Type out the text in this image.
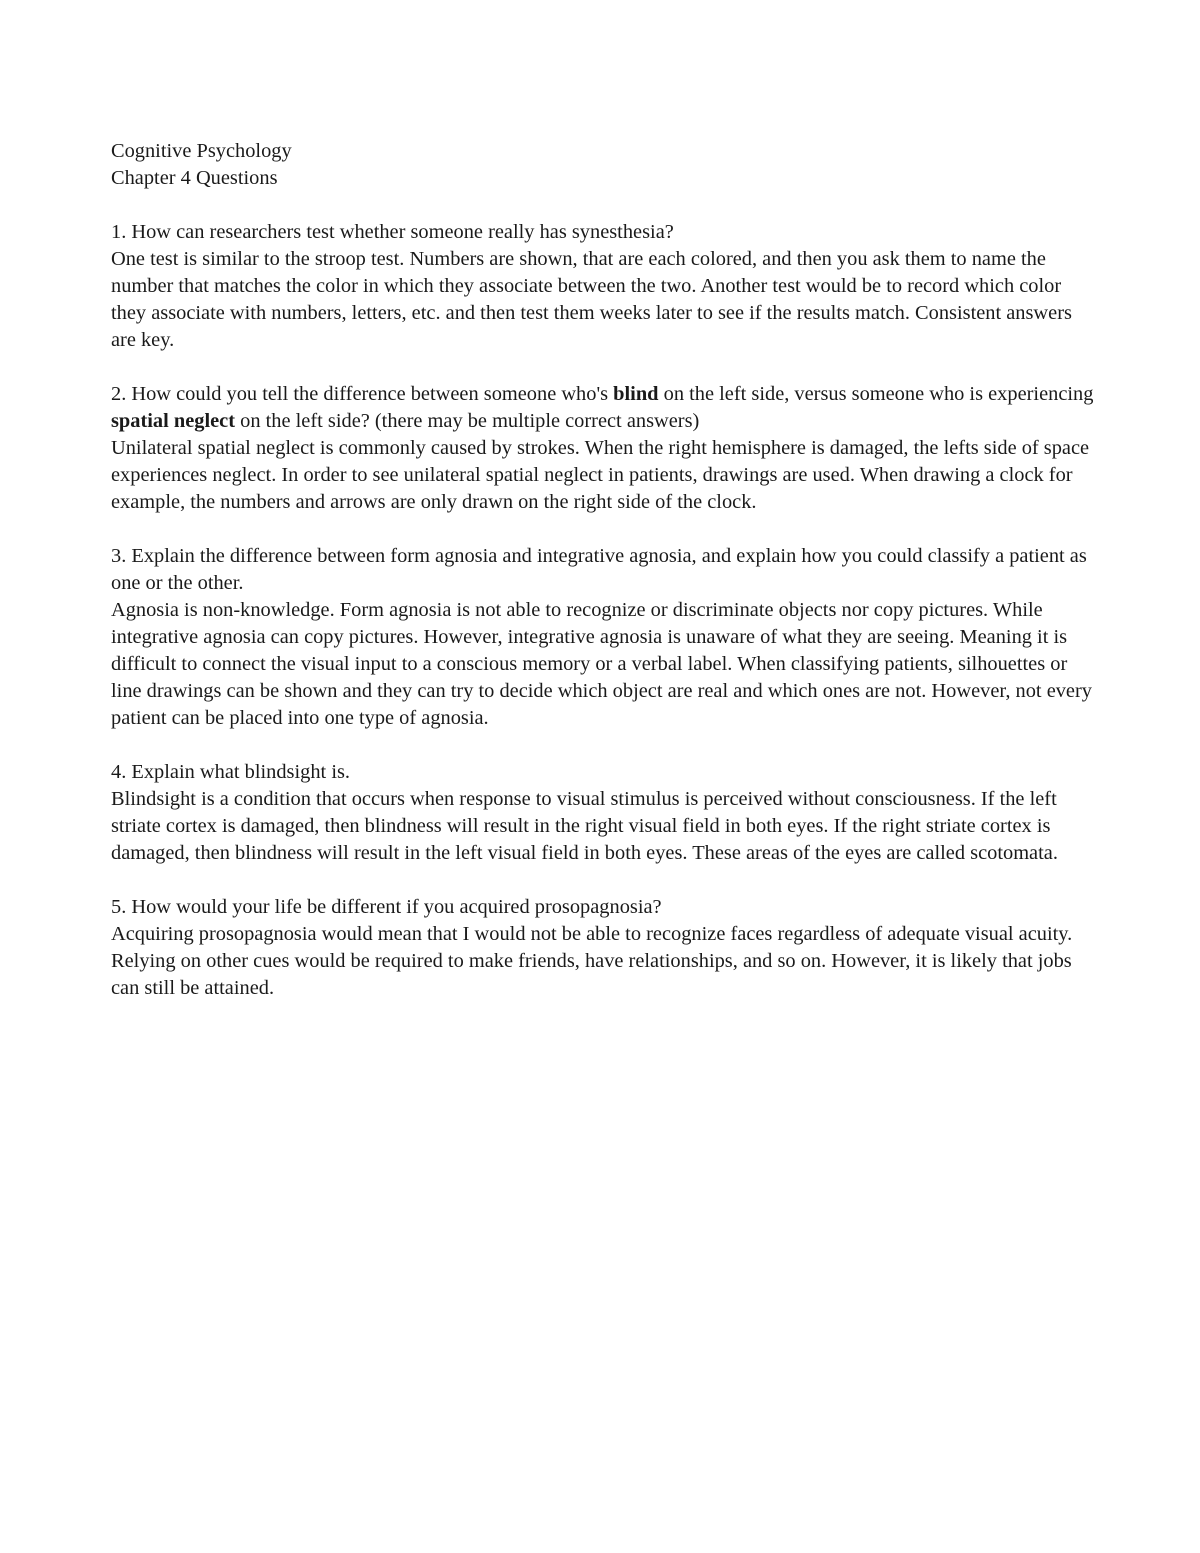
Cognitive Psychology
Chapter 4 Questions
1. How can researchers test whether someone really has synesthesia?
One test is similar to the stroop test. Numbers are shown, that are each colored, and then you ask them to name the number that matches the color in which they associate between the two. Another test would be to record which color they associate with numbers, letters, etc. and then test them weeks later to see if the results match. Consistent answers are key.
2. How could you tell the difference between someone who's blind on the left side, versus someone who is experiencing spatial neglect on the left side? (there may be multiple correct answers)
Unilateral spatial neglect is commonly caused by strokes. When the right hemisphere is damaged, the lefts side of space experiences neglect. In order to see unilateral spatial neglect in patients, drawings are used. When drawing a clock for example, the numbers and arrows are only drawn on the right side of the clock.
3. Explain the difference between form agnosia and integrative agnosia, and explain how you could classify a patient as one or the other.
Agnosia is non-knowledge. Form agnosia is not able to recognize or discriminate objects nor copy pictures. While integrative agnosia can copy pictures. However, integrative agnosia is unaware of what they are seeing. Meaning it is difficult to connect the visual input to a conscious memory or a verbal label. When classifying patients, silhouettes or line drawings can be shown and they can try to decide which object are real and which ones are not. However, not every patient can be placed into one type of agnosia.
4. Explain what blindsight is.
Blindsight is a condition that occurs when response to visual stimulus is perceived without consciousness. If the left striate cortex is damaged, then blindness will result in the right visual field in both eyes. If the right striate cortex is damaged, then blindness will result in the left visual field in both eyes. These areas of the eyes are called scotomata.
5. How would your life be different if you acquired prosopagnosia?
Acquiring prosopagnosia would mean that I would not be able to recognize faces regardless of adequate visual acuity. Relying on other cues would be required to make friends, have relationships, and so on. However, it is likely that jobs can still be attained.
